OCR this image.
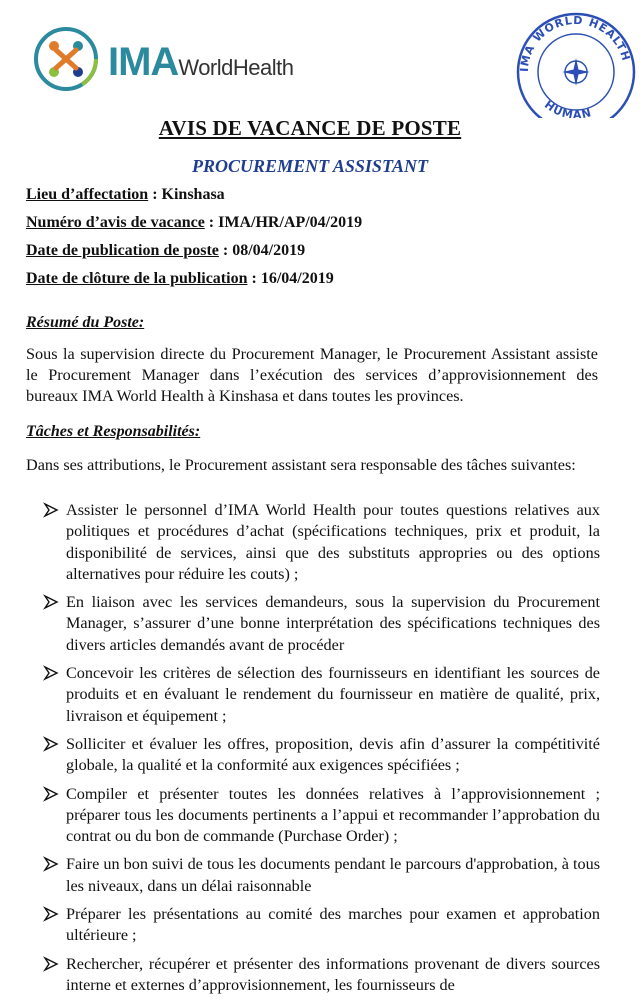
IMAWorldHealth	IMA WORLD HEALTH
HUMAN
AVIS DE VACANCE DE POSTE
PROCUREMENT ASSISTANT
Lieu d’affectation : Kinshasa
Numéro d’avis de vacance : IMA/HR/AP/04/2019
Date de publication de poste : 08/04/2019
Date de clôture de la publication : 16/04/2019
Résumé du Poste:
Sous la supervision directe du Procurement Manager, le Procurement Assistant assiste le Procurement Manager dans l’exécution des services d’approvisionnement des bureaux IMA World Health à Kinshasa et dans toutes les provinces.
Tâches et Responsabilités:
Dans ses attributions, le Procurement assistant sera responsable des tâches suivantes:
Assister le personnel d’IMA World Health pour toutes questions relatives aux politiques et procédures d’achat (spécifications techniques, prix et produit, la disponibilité de services, ainsi que des substituts appropries ou des options alternatives pour réduire les couts) ;
En liaison avec les services demandeurs, sous la supervision du Procurement Manager, s’assurer d’une bonne interprétation des spécifications techniques des divers articles demandés avant de procéder
Concevoir les critères de sélection des fournisseurs en identifiant les sources de produits et en évaluant le rendement du fournisseur en matière de qualité, prix, livraison et équipement ;
Solliciter et évaluer les offres, proposition, devis afin d’assurer la compétitivité globale, la qualité et la conformité aux exigences spécifiées ;
Compiler et présenter toutes les données relatives à l’approvisionnement ; préparer tous les documents pertinents a l’appui et recommander l’approbation du contrat ou du bon de commande (Purchase Order) ;
Faire un bon suivi de tous les documents pendant le parcours d'approbation, à tous les niveaux, dans un délai raisonnable
Préparer les présentations au comité des marches pour examen et approbation ultérieure ;
Rechercher, récupérer et présenter des informations provenant de divers sources interne et externes d’approvisionnement, les fournisseurs de
